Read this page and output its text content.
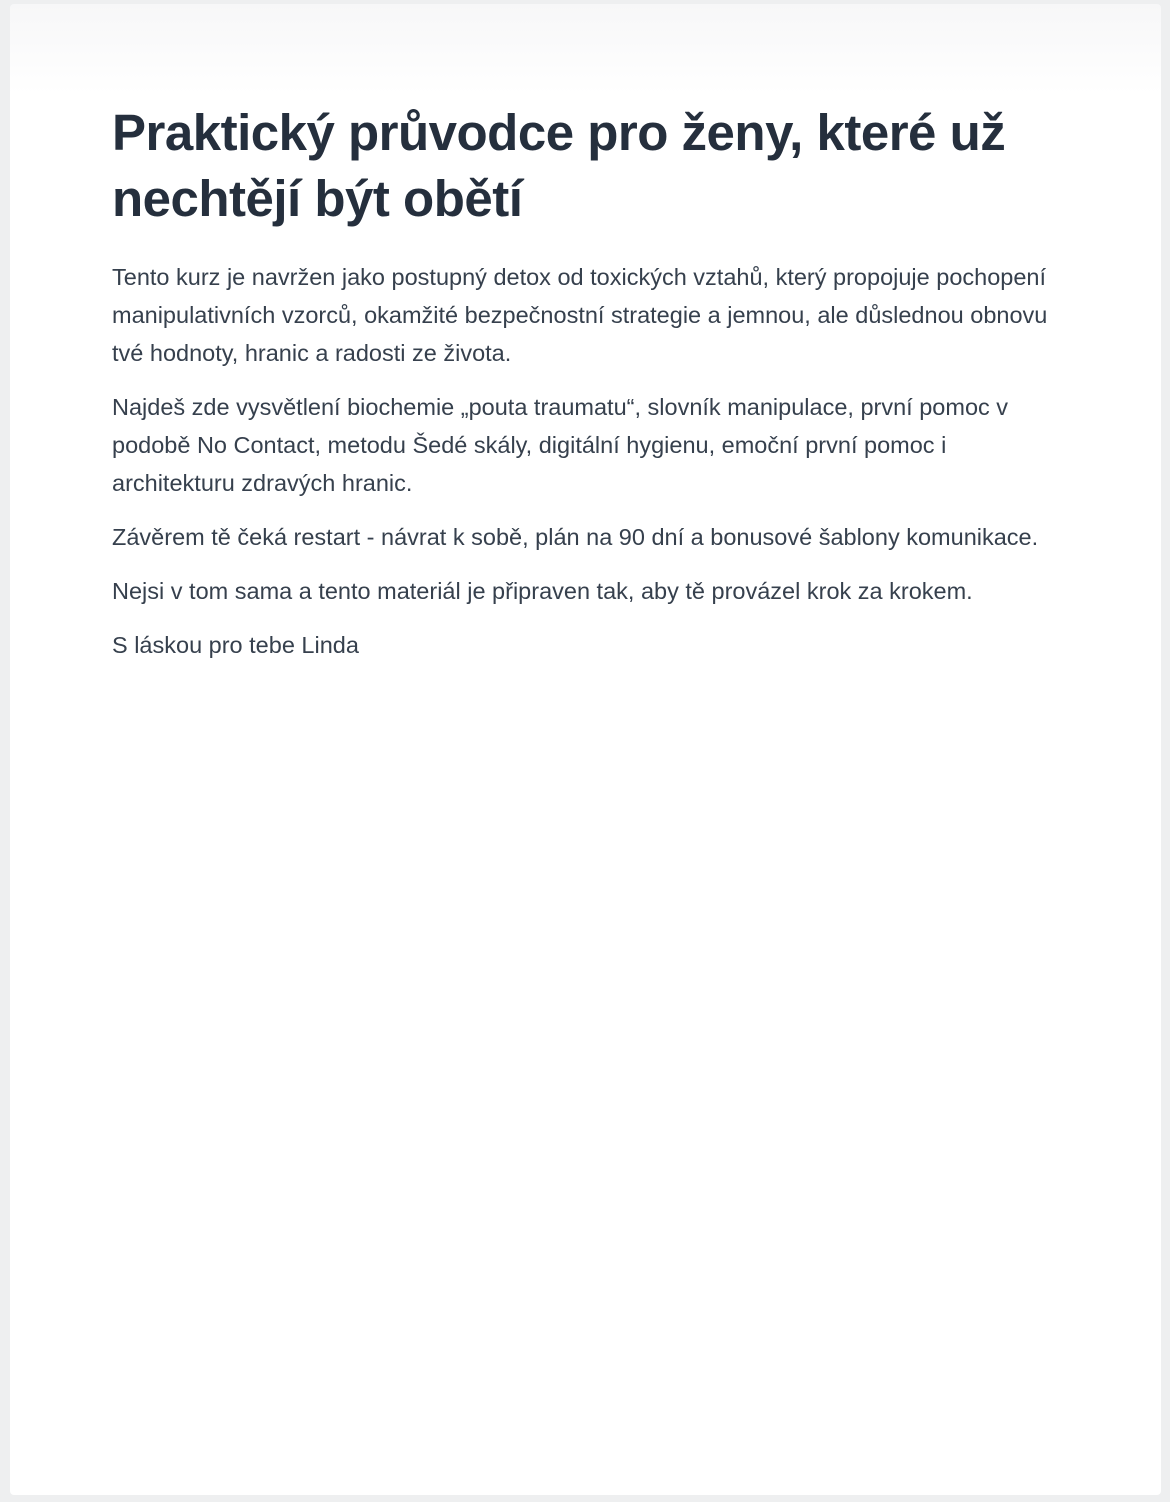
Praktický průvodce pro ženy, které už nechtějí být obětí

Tento kurz je navržen jako postupný detox od toxických vztahů, který propojuje pochopení manipulativních vzorců, okamžité bezpečnostní strategie a jemnou, ale důslednou obnovu tvé hodnoty, hranic a radosti ze života.

Najdeš zde vysvětlení biochemie „pouta traumatu“, slovník manipulace, první pomoc v podobě No Contact, metodu Šedé skály, digitální hygienu, emoční první pomoc i architekturu zdravých hranic.

Závěrem tě čeká restart - návrat k sobě, plán na 90 dní a bonusové šablony komunikace.

Nejsi v tom sama a tento materiál je připraven tak, aby tě provázel krok za krokem.

S láskou pro tebe Linda
